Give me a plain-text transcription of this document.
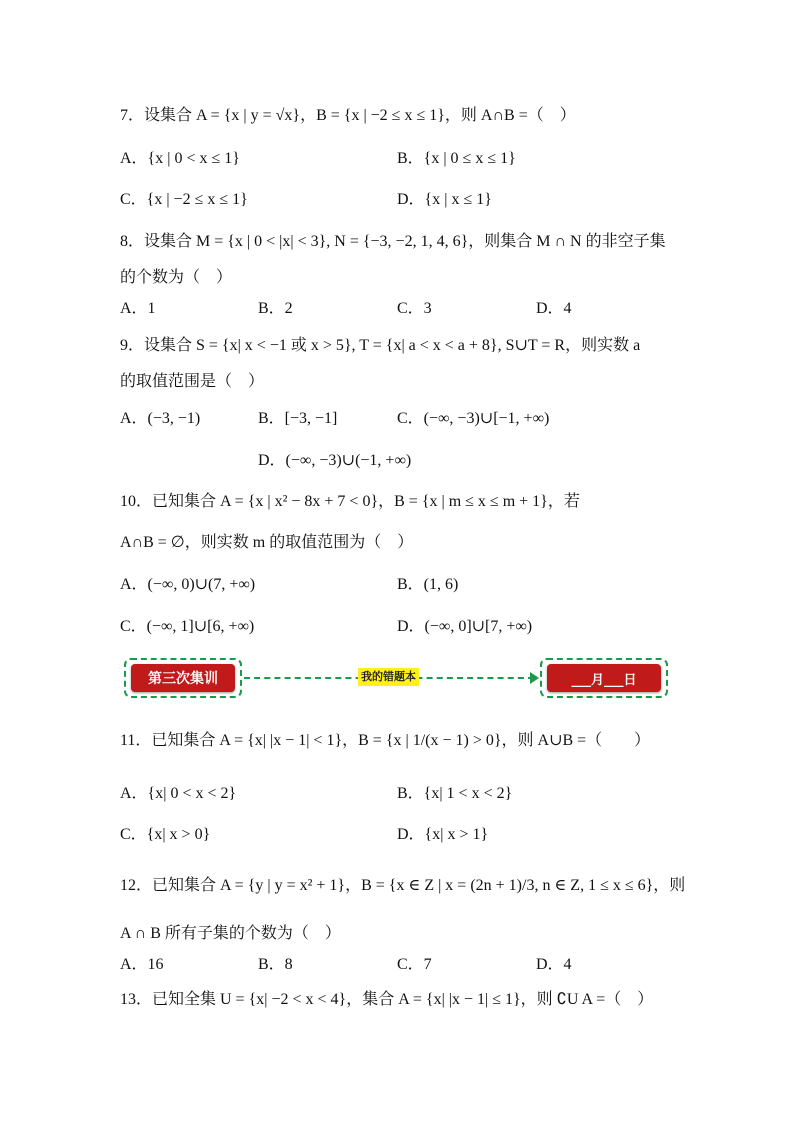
7．设集合 A = {x | y = √x}，B = {x | −2 ≤ x ≤ 1}，则 A∩B =（　）
A．{x | 0 < x ≤ 1}	B．{x | 0 ≤ x ≤ 1}
C．{x | −2 ≤ x ≤ 1}	D．{x | x ≤ 1}
8．设集合 M = {x | 0 < |x| < 3}, N = {−3, −2, 1, 4, 6}，则集合 M ∩ N 的非空子集
的个数为（　）
A．1	B．2	C．3	D．4
9．设集合 S = {x| x < −1 或 x > 5}, T = {x| a < x < a + 8}, S∪T = R，则实数 a
的取值范围是（　）
A．(−3, −1)	B．[−3, −1]	C．(−∞, −3)∪[−1, +∞)
D．(−∞, −3)∪(−1, +∞)
10．已知集合 A = {x | x² − 8x + 7 < 0}，B = {x | m ≤ x ≤ m + 1}，若
A∩B = ∅，则实数 m 的取值范围为（　）
A．(−∞, 0)∪(7, +∞)	B．(1, 6)
C．(−∞, 1]∪[6, +∞)	D．(−∞, 0]∪[7, +∞)
第三次集训	我的错题本	___月___日
11．已知集合 A = {x| |x − 1| < 1}，B = {x | 1/(x − 1) > 0}，则 A∪B =（　　）
A．{x| 0 < x < 2}	B．{x| 1 < x < 2}
C．{x| x > 0}	D．{x| x > 1}
12．已知集合 A = {y | y = x² + 1}，B = {x ∈ Z | x = (2n + 1)/3, n ∈ Z, 1 ≤ x ≤ 6}，则
A ∩ B 所有子集的个数为（　）
A．16	B．8	C．7	D．4
13．已知全集 U = {x| −2 < x < 4}，集合 A = {x| |x − 1| ≤ 1}，则 ∁U A =（　）
